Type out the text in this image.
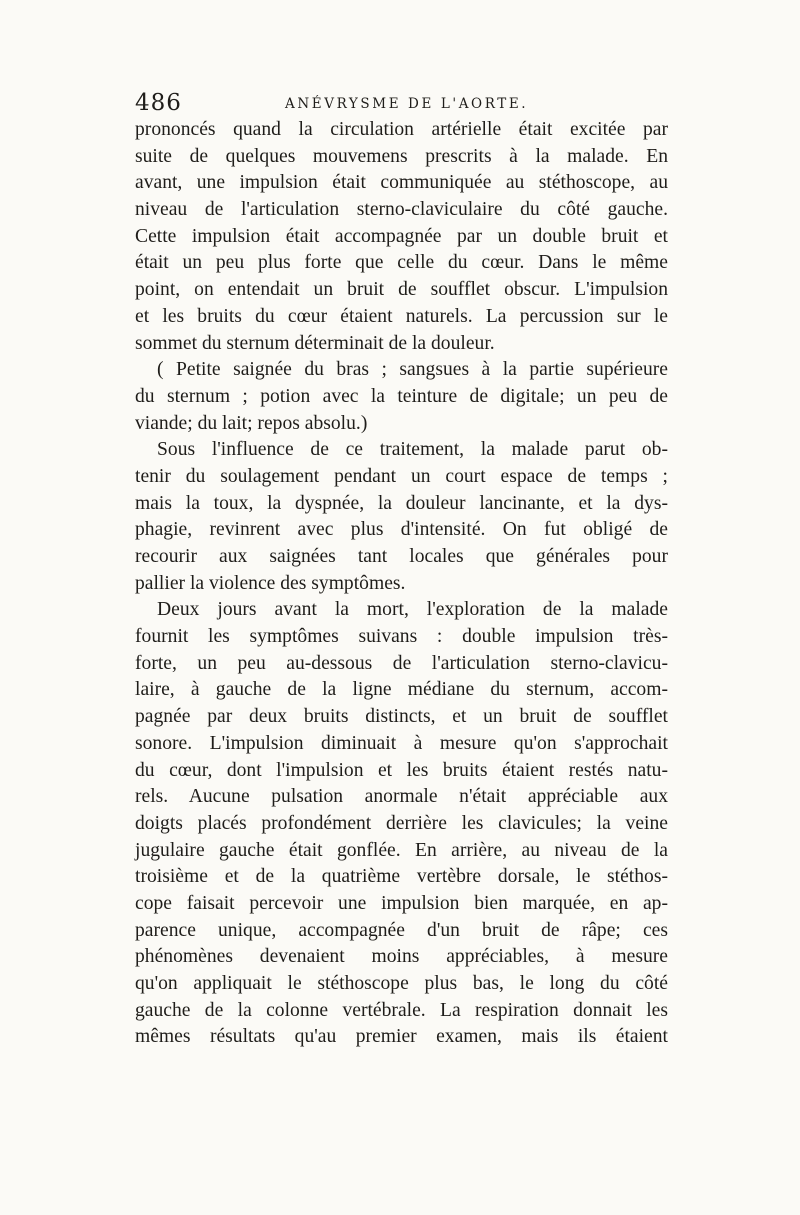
486	ANÉVRYSME DE L'AORTE.
prononcés quand la circulation artérielle était excitée par
suite de quelques mouvemens prescrits à la malade. En
avant, une impulsion était communiquée au stéthoscope, au
niveau de l'articulation sterno-claviculaire du côté gauche.
Cette impulsion était accompagnée par un double bruit et
était un peu plus forte que celle du cœur. Dans le même
point, on entendait un bruit de soufflet obscur. L'impulsion
et les bruits du cœur étaient naturels. La percussion sur le
sommet du sternum déterminait de la douleur.
( Petite saignée du bras ; sangsues à la partie supérieure
du sternum ; potion avec la teinture de digitale; un peu de
viande; du lait; repos absolu.)
Sous l'influence de ce traitement, la malade parut ob-
tenir du soulagement pendant un court espace de temps ;
mais la toux, la dyspnée, la douleur lancinante, et la dys-
phagie, revinrent avec plus d'intensité. On fut obligé de
recourir aux saignées tant locales que générales pour
pallier la violence des symptômes.
Deux jours avant la mort, l'exploration de la malade
fournit les symptômes suivans : double impulsion très-
forte, un peu au-dessous de l'articulation sterno-clavicu-
laire, à gauche de la ligne médiane du sternum, accom-
pagnée par deux bruits distincts, et un bruit de soufflet
sonore. L'impulsion diminuait à mesure qu'on s'approchait
du cœur, dont l'impulsion et les bruits étaient restés natu-
rels. Aucune pulsation anormale n'était appréciable aux
doigts placés profondément derrière les clavicules; la veine
jugulaire gauche était gonflée. En arrière, au niveau de la
troisième et de la quatrième vertèbre dorsale, le stéthos-
cope faisait percevoir une impulsion bien marquée, en ap-
parence unique, accompagnée d'un bruit de râpe; ces
phénomènes devenaient moins appréciables, à mesure
qu'on appliquait le stéthoscope plus bas, le long du côté
gauche de la colonne vertébrale. La respiration donnait les
mêmes résultats qu'au premier examen, mais ils étaient
